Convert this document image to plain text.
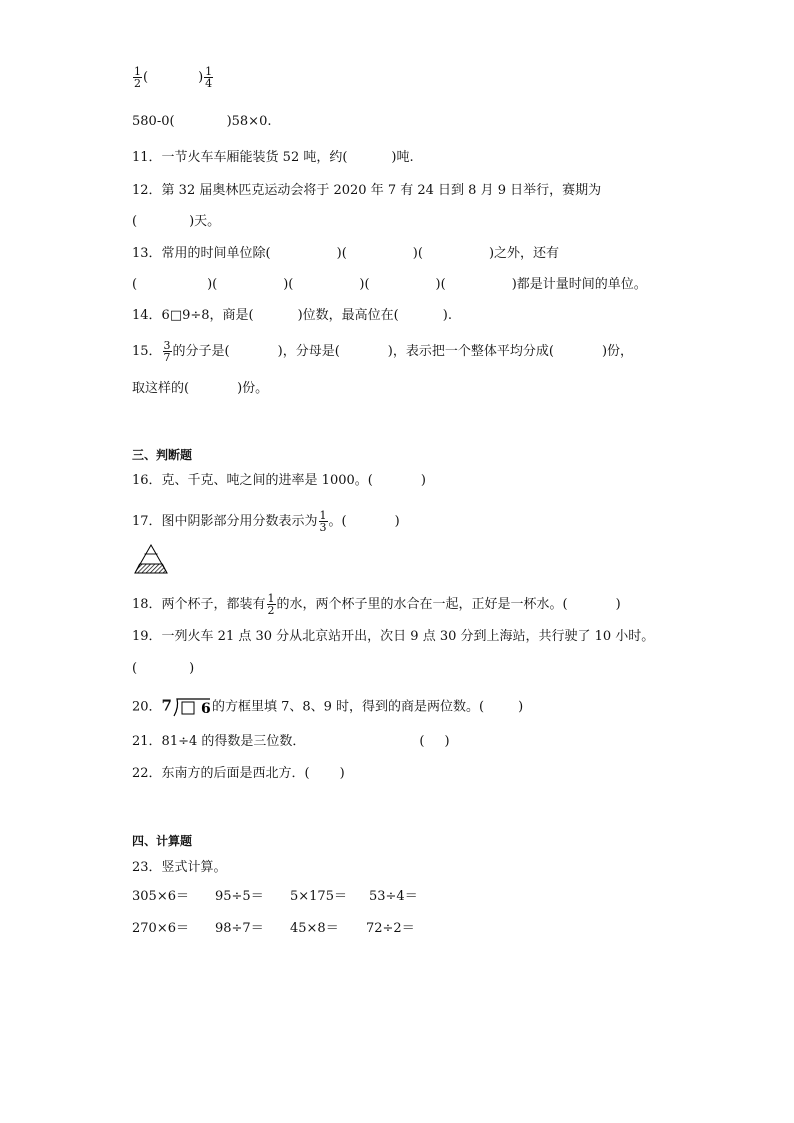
$\frac{1}{2}$ (	) $\frac{1}{4}$
580-0(	)58×0.
11．一节火车车厢能装货 52 吨，约(	)吨.
12．第 32 届奥林匹克运动会将于 2020 年 7 有 24 日到 8 月 9 日举行，赛期为
(	)天。
13．常用的时间单位除(	)(	)(	)之外，还有
(	)(	)(	)(	)(	)都是计量时间的单位。
14．6□9÷8，商是(	)位数，最高位在(	).
15． $\frac{3}{7}$ 的分子是(	)，分母是(	)，表示把一个整体平均分成(	)份，
取这样的(	)份。
三、判断题
16．克、千克、吨之间的进率是 1000。(	)
17．图中阴影部分用分数表示为 $\frac{1}{3}$ 。(	)
18．两个杯子，都装有 $\frac{1}{2}$ 的水，两个杯子里的水合在一起，正好是一杯水。(	)
19．一列火车 21 点 30 分从北京站开出，次日 9 点 30 分到上海站，共行驶了 10 小时。
(	)
20．7 6 的方框里填 7、8、9 时，得到的商是两位数。(	)
21．81÷4 的得数是三位数．	( )
22．东南方的后面是西北方．( )
四、计算题
23．竖式计算。
305×6＝ 95÷5＝ 5×175＝ 53÷4＝
270×6＝ 98÷7＝ 45×8＝ 72÷2＝
